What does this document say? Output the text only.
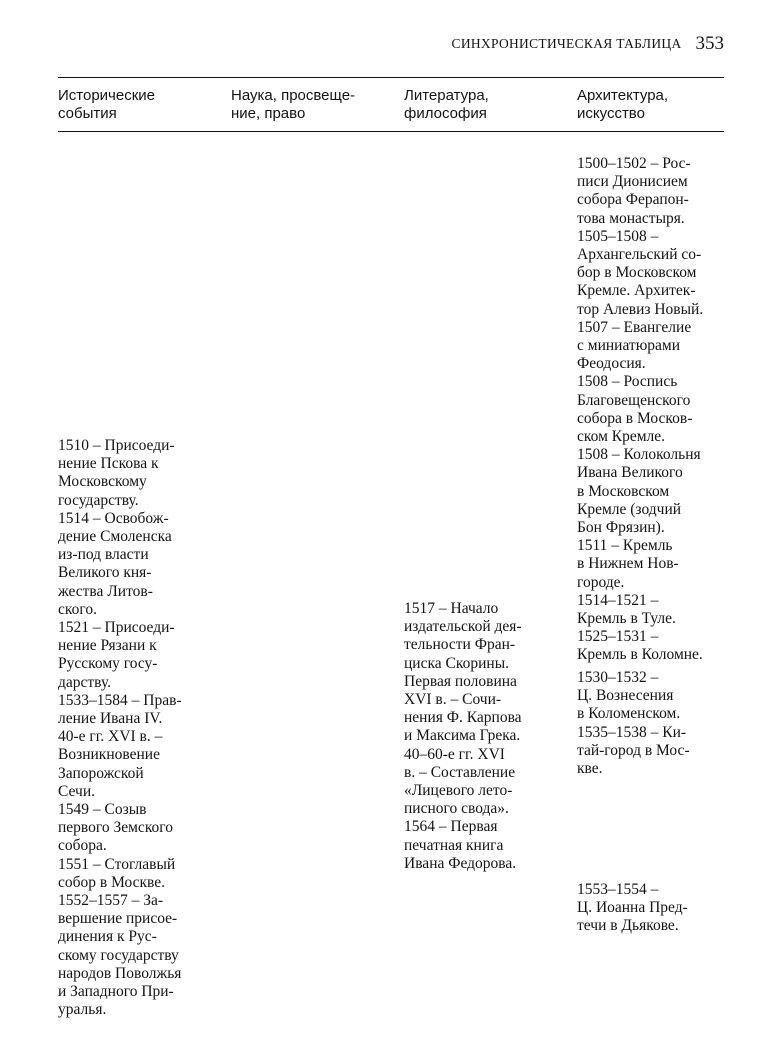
СИНХРОНИСТИЧЕСКАЯ ТАБЛИЦА 353
Исторические
события
Наука, просвеще-
ние, право
Литература,
философия
Архитектура,
искусство
1500–1502 – Рос-
писи Дионисием
собора Ферапон-
това монастыря.
1505–1508 –
Архангельский со-
бор в Московском
Кремле. Архитек-
тор Алевиз Новый.
1507 – Евангелие
с миниатюрами
Феодосия.
1508 – Роспись
Благовещенского
собора в Москов-
ском Кремле.
1508 – Колокольня
Ивана Великого
в Московском
Кремле (зодчий
Бон Фрязин).
1511 – Кремль
в Нижнем Нов-
городе.
1514–1521 –
Кремль в Туле.
1525–1531 –
Кремль в Коломне.
1510 – Присоеди-
нение Пскова к
Московскому
государству.
1514 – Освобож-
дение Смоленска
из-под власти
Великого кня-
жества Литов-
ского.
1521 – Присоеди-
нение Рязани к
Русскому госу-
дарству.
1533–1584 – Прав-
ление Ивана IV.
40-е гг. XVI в. –
Возникновение
Запорожской
Сечи.
1549 – Созыв
первого Земского
собора.
1551 – Стоглавый
собор в Москве.
1552–1557 – За-
вершение присое-
динения к Рус-
скому государству
народов Поволжья
и Западного При-
уралья.
1517 – Начало
издательской дея-
тельности Фран-
циска Скорины.
Первая половина
XVI в. – Сочи-
нения Ф. Карпова
и Максима Грека.
40–60-е гг. XVI
в. – Составление
«Лицевого лето-
писного свода».
1564 – Первая
печатная книга
Ивана Федорова.
1530–1532 –
Ц. Вознесения
в Коломенском.
1535–1538 – Ки-
тай-город в Мос-
кве.
1553–1554 –
Ц. Иоанна Пред-
течи в Дьякове.
